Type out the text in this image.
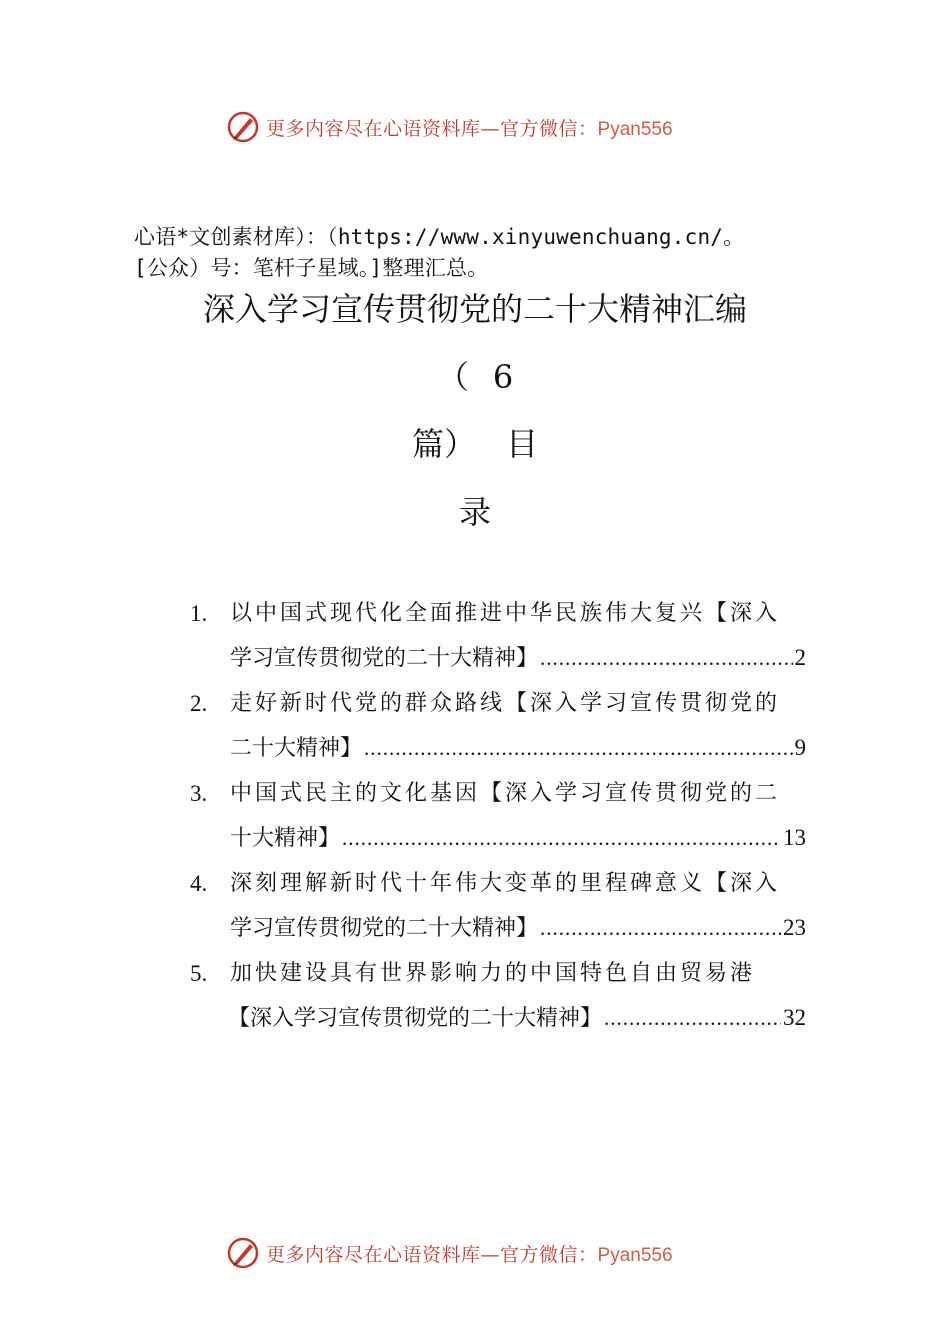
更多内容尽在心语资料库—官方微信：Pyan556
心语*文创素材库）：（https://www.xinyuwenchuang.cn/。
[公众）号：笔杆子星域。]整理汇总。
深入学习宣传贯彻党的二十大精神汇编
（ 6
篇） 目
录
1. 以中国式现代化全面推进中华民族伟大复兴【深入
学习宣传贯彻党的二十大精神】 .....	2
2. 走好新时代党的群众路线【深入学习宣传贯彻党的
二十大精神】 .....	9
3. 中国式民主的文化基因【深入学习宣传贯彻党的二
十大精神】 .....	13
4. 深刻理解新时代十年伟大变革的里程碑意义【深入
学习宣传贯彻党的二十大精神】 .....	23
5. 加快建设具有世界影响力的中国特色自由贸易港
【深入学习宣传贯彻党的二十大精神】 .....	32
更多内容尽在心语资料库—官方微信：Pyan556
